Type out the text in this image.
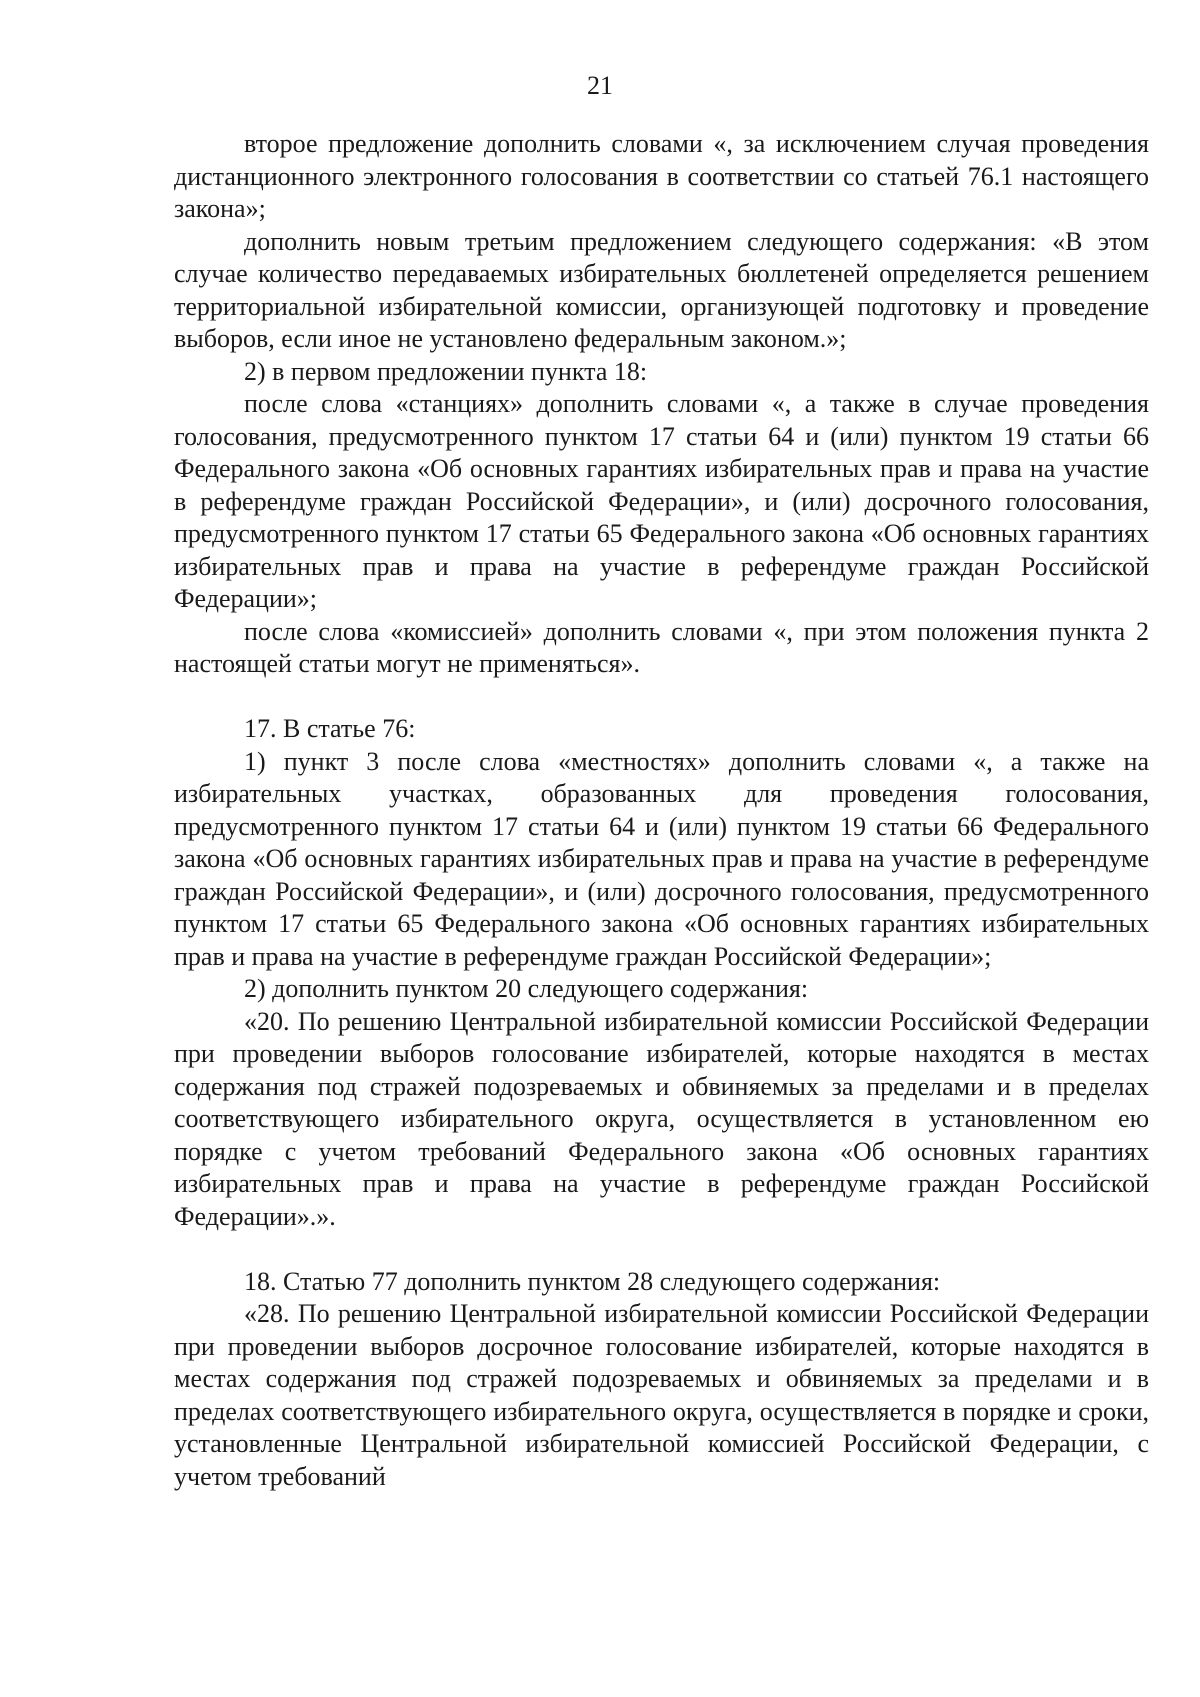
21

второе предложение дополнить словами «, за исключением случая проведения дистанционного электронного голосования в соответствии со статьей 76.1 настоящего закона»;

дополнить новым третьим предложением следующего содержания: «В этом случае количество передаваемых избирательных бюллетеней определяется решением территориальной избирательной комиссии, организующей подготовку и проведение выборов, если иное не установлено федеральным законом.»;

2) в первом предложении пункта 18:

после слова «станциях» дополнить словами «, а также в случае проведения голосования, предусмотренного пунктом 17 статьи 64 и (или) пунктом 19 статьи 66 Федерального закона «Об основных гарантиях избирательных прав и права на участие в референдуме граждан Российской Федерации», и (или) досрочного голосования, предусмотренного пунктом 17 статьи 65 Федерального закона «Об основных гарантиях избирательных прав и права на участие в референдуме граждан Российской Федерации»;

после слова «комиссией» дополнить словами «, при этом положения пункта 2 настоящей статьи могут не применяться».

17. В статье 76:

1) пункт 3 после слова «местностях» дополнить словами «, а также на избирательных участках, образованных для проведения голосования, предусмотренного пунктом 17 статьи 64 и (или) пунктом 19 статьи 66 Федерального закона «Об основных гарантиях избирательных прав и права на участие в референдуме граждан Российской Федерации», и (или) досрочного голосования, предусмотренного пунктом 17 статьи 65 Федерального закона «Об основных гарантиях избирательных прав и права на участие в референдуме граждан Российской Федерации»;

2) дополнить пунктом 20 следующего содержания:

«20. По решению Центральной избирательной комиссии Российской Федерации при проведении выборов голосование избирателей, которые находятся в местах содержания под стражей подозреваемых и обвиняемых за пределами и в пределах соответствующего избирательного округа, осуществляется в установленном ею порядке с учетом требований Федерального закона «Об основных гарантиях избирательных прав и права на участие в референдуме граждан Российской Федерации».».

18. Статью 77 дополнить пунктом 28 следующего содержания:

«28. По решению Центральной избирательной комиссии Российской Федерации при проведении выборов досрочное голосование избирателей, которые находятся в местах содержания под стражей подозреваемых и обвиняемых за пределами и в пределах соответствующего избирательного округа, осуществляется в порядке и сроки, установленные Центральной избирательной комиссией Российской Федерации, с учетом требований
